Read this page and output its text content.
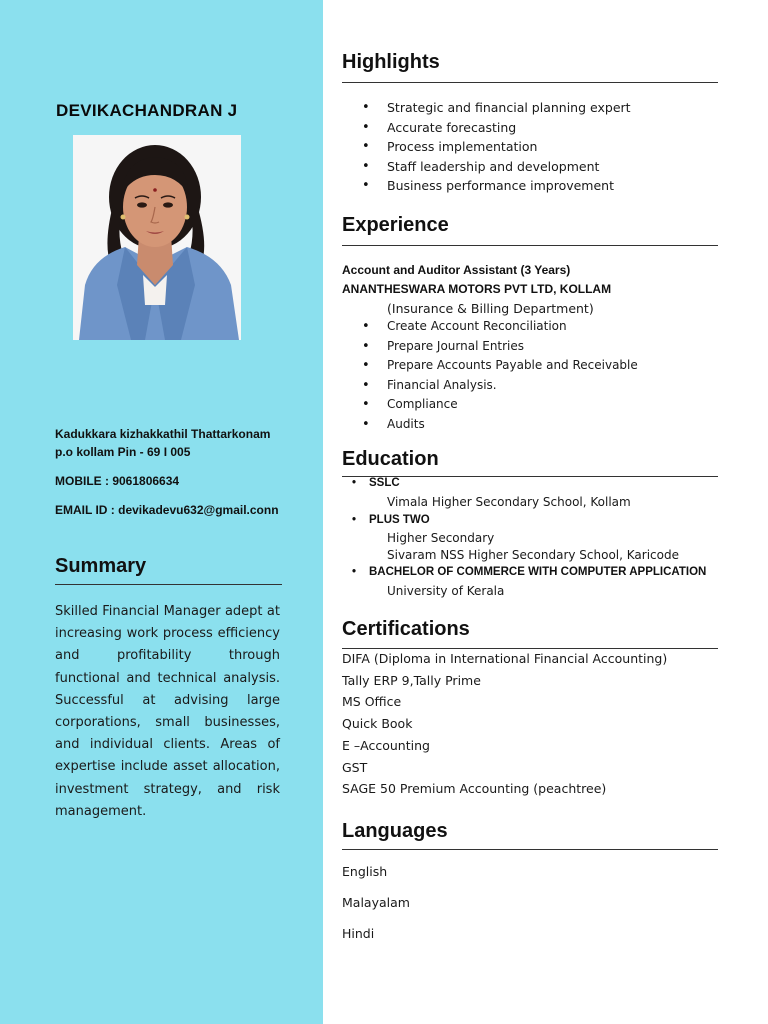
DEVIKACHANDRAN J
Kadukkara kizhakkathil Thattarkonam
p.o kollam Pin - 69 I 005
MOBILE : 9061806634
EMAIL ID : devikadevu632@gmail.conn
Summary
Skilled Financial Manager adept at increasing work process efficiency and profitability through functional and technical analysis. Successful at advising large corporations, small businesses, and individual clients. Areas of expertise include asset allocation, investment strategy, and risk management.
Highlights
• Strategic and financial planning expert
• Accurate forecasting
• Process implementation
• Staff leadership and development
• Business performance improvement
Experience
Account and Auditor Assistant (3 Years)
ANANTHESWARA MOTORS PVT LTD, KOLLAM
(Insurance & Billing Department)
• Create Account Reconciliation
• Prepare Journal Entries
• Prepare Accounts Payable and Receivable
• Financial Analysis.
• Compliance
• Audits
Education
• SSLC
Vimala Higher Secondary School, Kollam
• PLUS TWO
Higher Secondary
Sivaram NSS Higher Secondary School, Karicode
• BACHELOR OF COMMERCE WITH COMPUTER APPLICATION
University of Kerala
Certifications
DIFA (Diploma in International Financial Accounting)
Tally ERP 9,Tally Prime
MS Office
Quick Book
E –Accounting
GST
SAGE 50 Premium Accounting (peachtree)
Languages
English
Malayalam
Hindi
